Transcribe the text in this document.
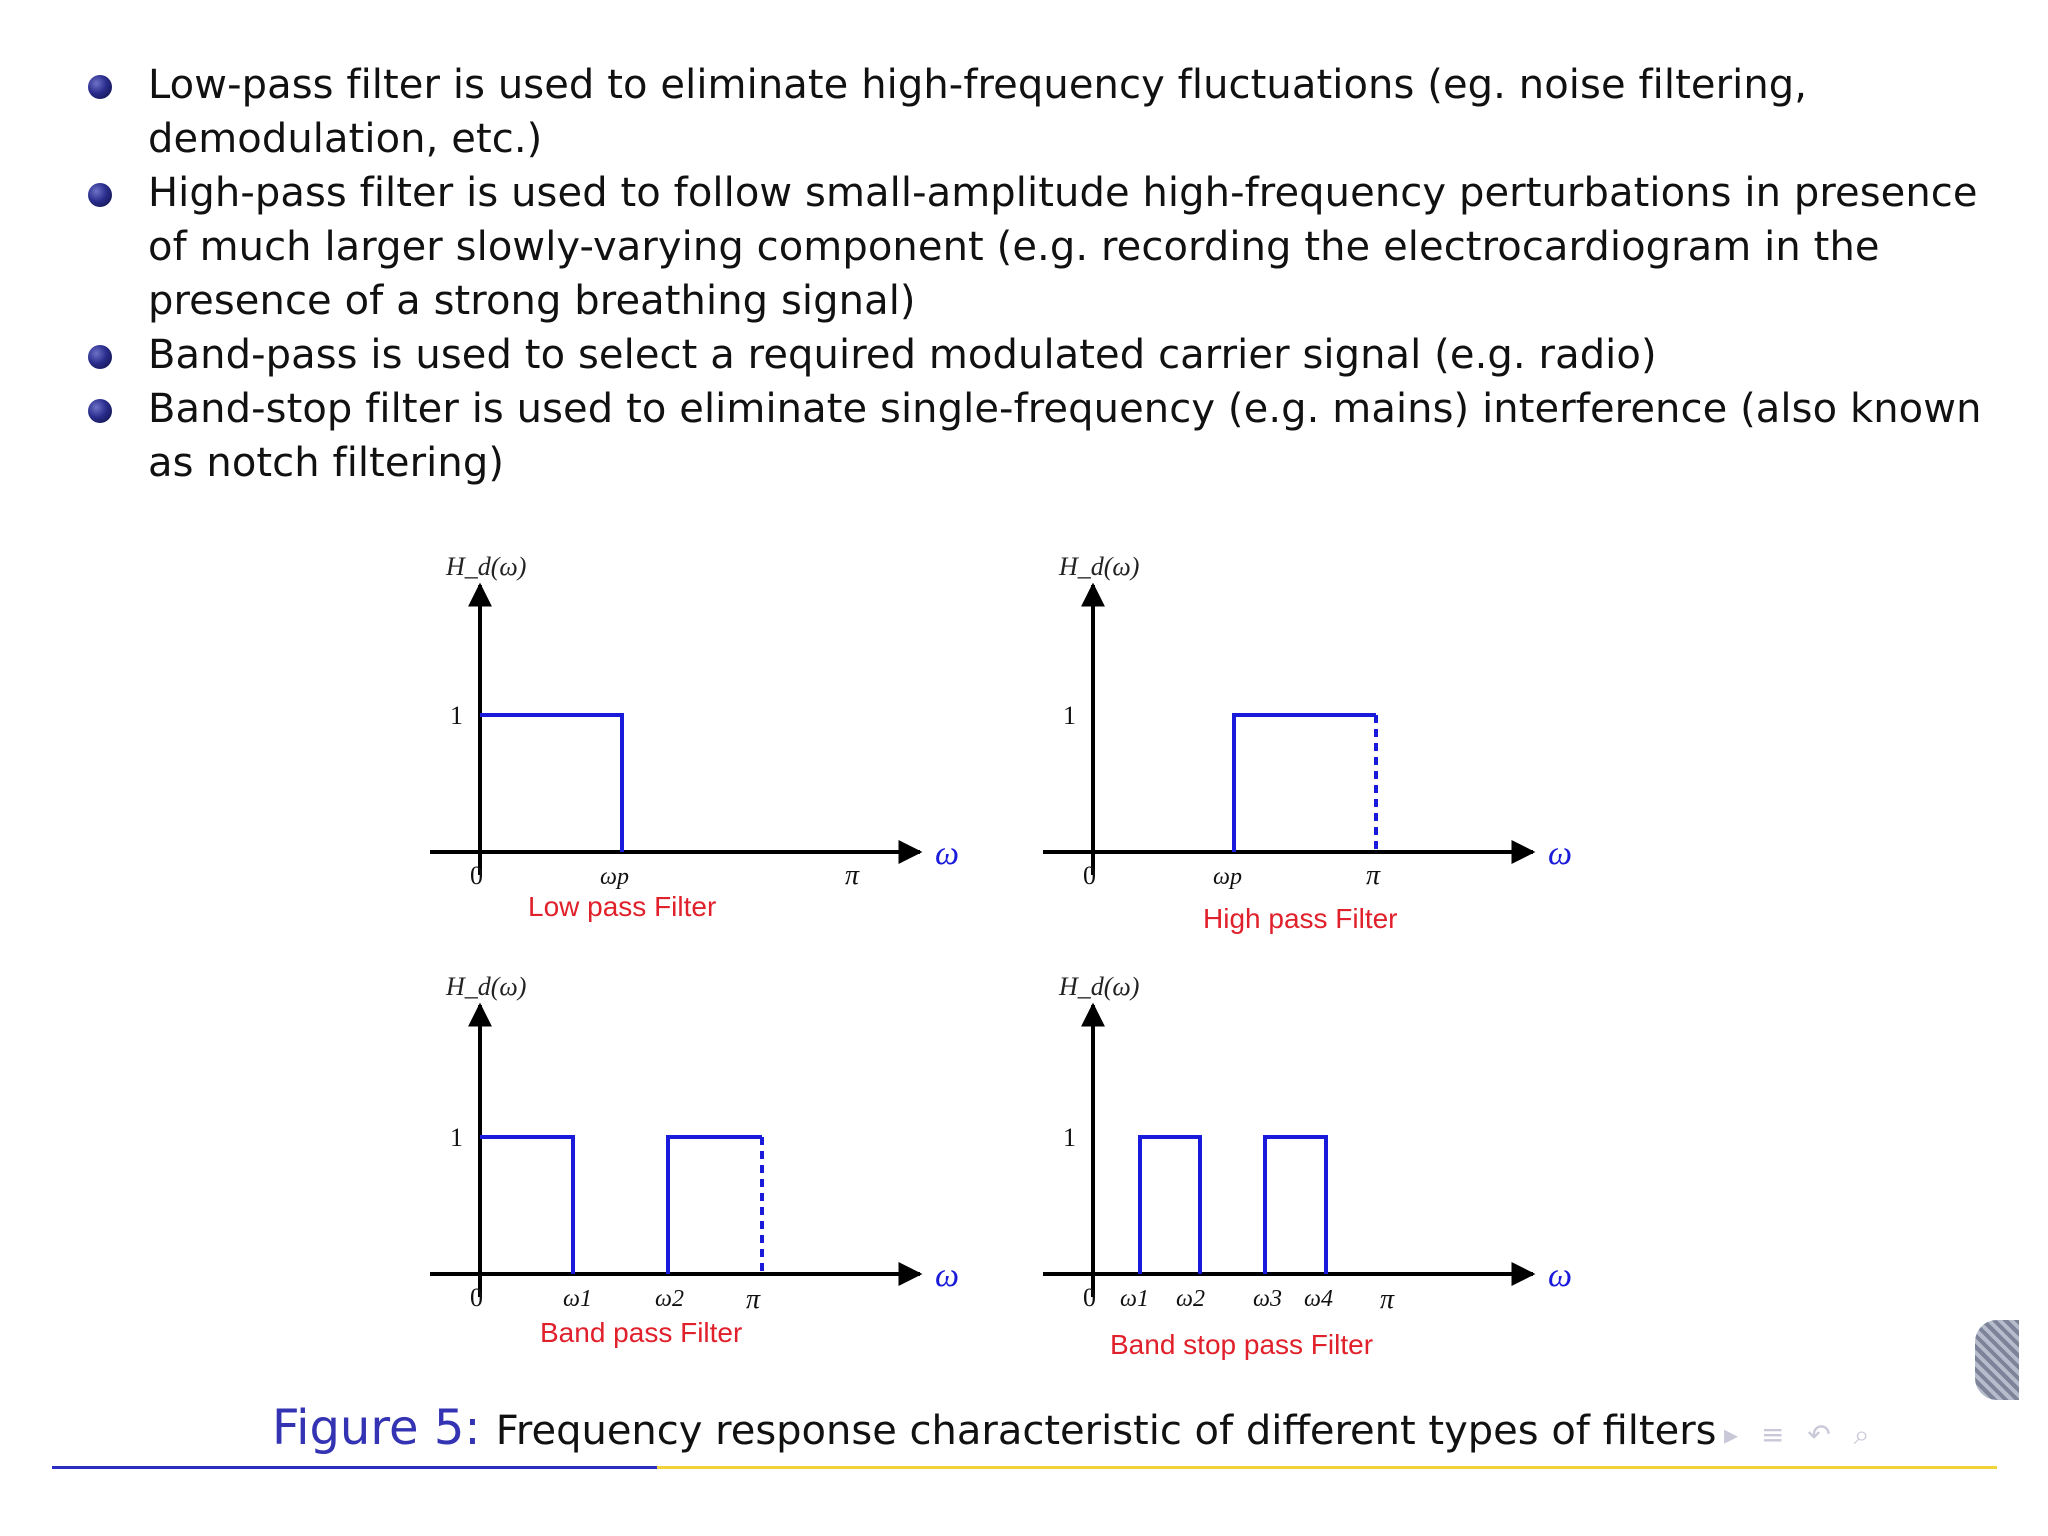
Low-pass filter is used to eliminate high-frequency fluctuations (eg. noise filtering, demodulation, etc.)
High-pass filter is used to follow small-amplitude high-frequency perturbations in presence of much larger slowly-varying component (e.g. recording the electrocardiogram in the presence of a strong breathing signal)
Band-pass is used to select a required modulated carrier signal (e.g. radio)
Band-stop filter is used to eliminate single-frequency (e.g. mains) interference (also known as notch filtering)
H_d(ω)
1
0	ωp	π
ω
Low pass Filter
H_d(ω)
1
0	ωp	π
ω
High pass Filter
H_d(ω)
1
0	ω1	ω2 π
ω
Band pass Filter
H_d(ω)
1
0 ω1 ω2 ω3 ω4 π
ω
Band stop pass Filter
Figure 5: Frequency response characteristic of different types of filters ▸ ≡ ↶ ⌕
